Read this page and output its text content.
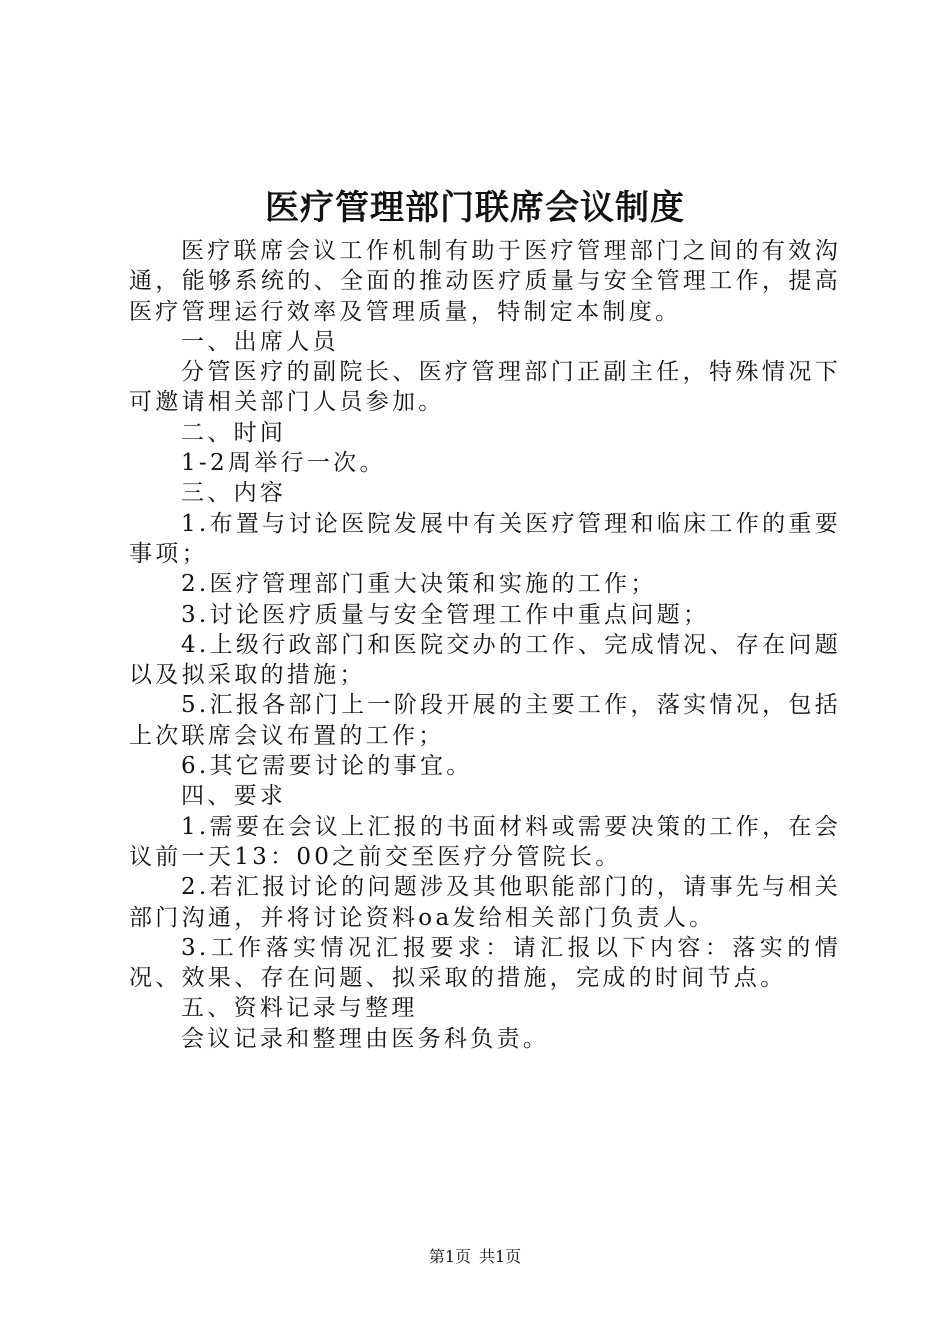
医疗管理部门联席会议制度

医疗联席会议工作机制有助于医疗管理部门之间的有效沟通，能够系统的、全面的推动医疗质量与安全管理工作，提高医疗管理运行效率及管理质量，特制定本制度。

一、出席人员

分管医疗的副院长、医疗管理部门正副主任，特殊情况下可邀请相关部门人员参加。

二、时间

1-2周举行一次。

三、内容

1.布置与讨论医院发展中有关医疗管理和临床工作的重要事项；

2.医疗管理部门重大决策和实施的工作；

3.讨论医疗质量与安全管理工作中重点问题；

4.上级行政部门和医院交办的工作、完成情况、存在问题以及拟采取的措施；

5.汇报各部门上一阶段开展的主要工作，落实情况，包括上次联席会议布置的工作；

6.其它需要讨论的事宜。

四、要求

1.需要在会议上汇报的书面材料或需要决策的工作，在会议前一天13：00之前交至医疗分管院长。

2.若汇报讨论的问题涉及其他职能部门的，请事先与相关部门沟通，并将讨论资料oa发给相关部门负责人。

3.工作落实情况汇报要求：请汇报以下内容：落实的情况、效果、存在问题、拟采取的措施，完成的时间节点。

五、资料记录与整理

会议记录和整理由医务科负责。

第1页 共1页
